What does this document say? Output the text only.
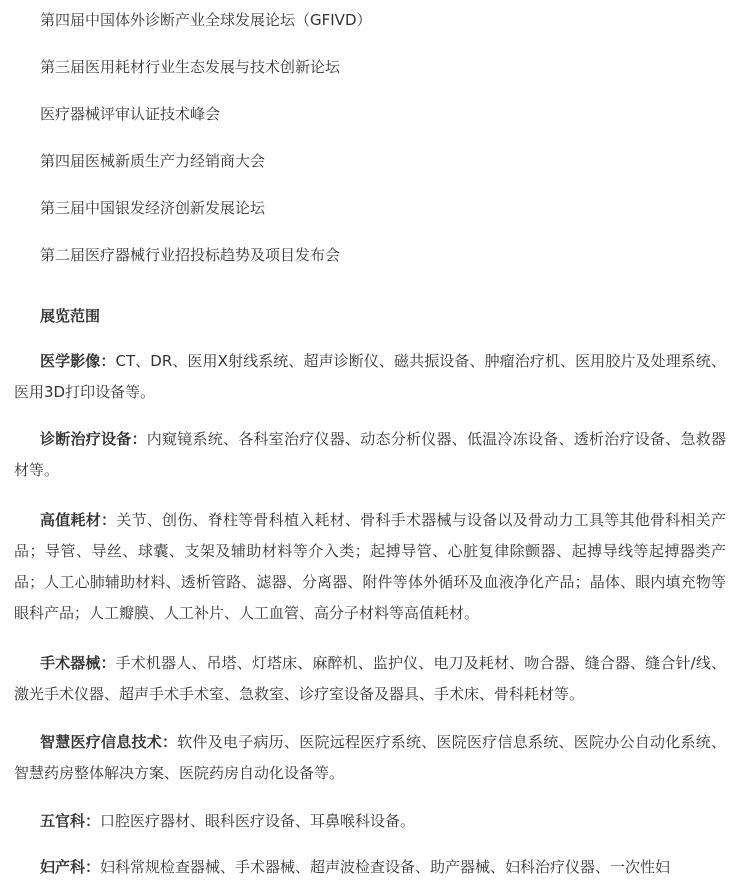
第四届中国体外诊断产业全球发展论坛（GFIVD）
第三届医用耗材行业生态发展与技术创新论坛
医疗器械评审认证技术峰会
第四届医械新质生产力经销商大会
第三届中国银发经济创新发展论坛
第二届医疗器械行业招投标趋势及项目发布会
展览范围
医学影像：CT、DR、医用X射线系统、超声诊断仪、磁共振设备、肿瘤治疗机、医用胶片及处理系统、医用3D打印设备等。
诊断治疗设备：内窥镜系统、各科室治疗仪器、动态分析仪器、低温冷冻设备、透析治疗设备、急救器材等。
高值耗材：关节、创伤、脊柱等骨科植入耗材、骨科手术器械与设备以及骨动力工具等其他骨科相关产品；导管、导丝、球囊、支架及辅助材料等介入类；起搏导管、心脏复律除颤器、起搏导线等起搏器类产品；人工心肺辅助材料、透析管路、滤器、分离器、附件等体外循环及血液净化产品；晶体、眼内填充物等眼科产品；人工瓣膜、人工补片、人工血管、高分子材料等高值耗材。
手术器械：手术机器人、吊塔、灯塔床、麻醉机、监护仪、电刀及耗材、吻合器、缝合器、缝合针/线、激光手术仪器、超声手术手术室、急救室、诊疗室设备及器具、手术床、骨科耗材等。
智慧医疗信息技术：软件及电子病历、医院远程医疗系统、医院医疗信息系统、医院办公自动化系统、智慧药房整体解决方案、医院药房自动化设备等。
五官科：口腔医疗器材、眼科医疗设备、耳鼻喉科设备。
妇产科：妇科常规检查器械、手术器械、超声波检查设备、助产器械、妇科治疗仪器、一次性妇
